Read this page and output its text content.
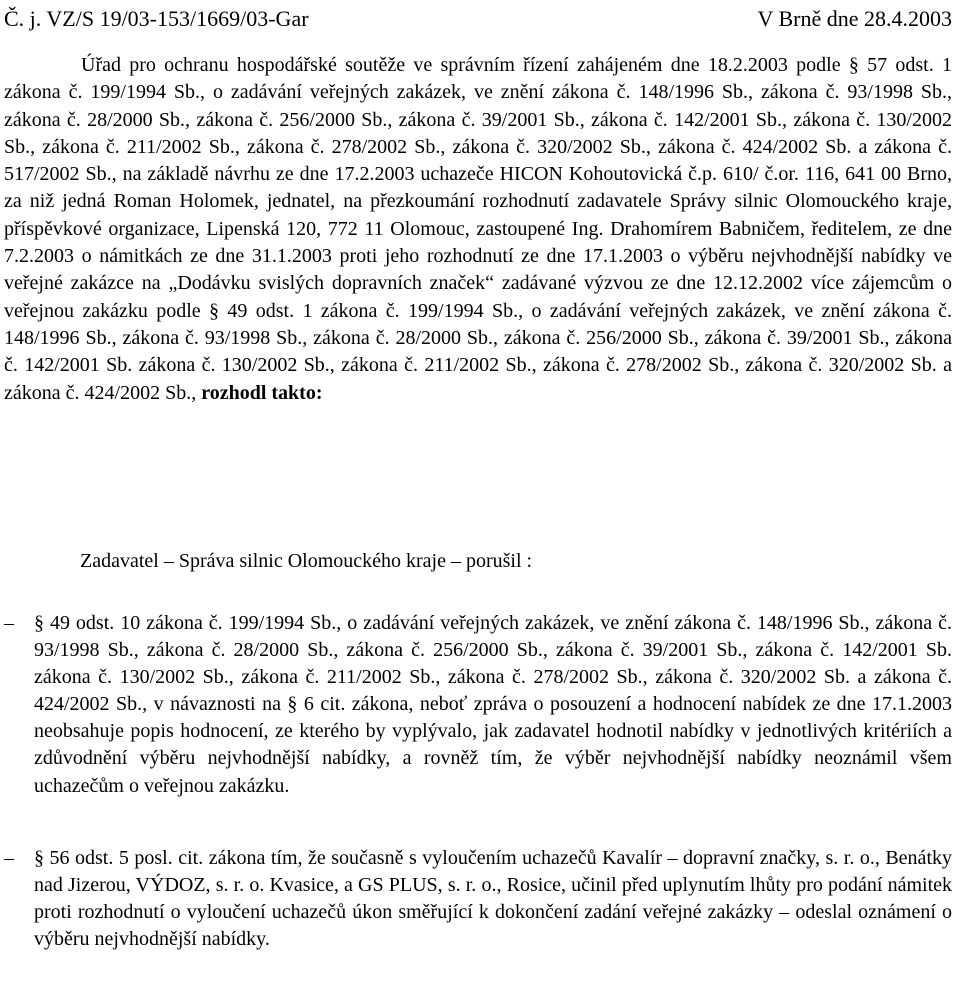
Č. j. VZ/S 19/03-153/1669/03-Gar	V Brně dne 28.4.2003

Úřad pro ochranu hospodářské soutěže ve správním řízení zahájeném dne 18.2.2003 podle § 57 odst. 1 zákona č. 199/1994 Sb., o zadávání veřejných zakázek, ve znění zákona č. 148/1996 Sb., zákona č. 93/1998 Sb., zákona č. 28/2000 Sb., zákona č. 256/2000 Sb., zákona č. 39/2001 Sb., zákona č. 142/2001 Sb., zákona č. 130/2002 Sb., zákona č. 211/2002 Sb., zákona č. 278/2002 Sb., zákona č. 320/2002 Sb., zákona č. 424/2002 Sb. a zákona č. 517/2002 Sb., na základě návrhu ze dne 17.2.2003 uchazeče HICON Kohoutovická č.p. 610/ č.or. 116, 641 00 Brno, za niž jedná Roman Holomek, jednatel, na přezkoumání rozhodnutí zadavatele Správy silnic Olomouckého kraje, příspěvkové organizace, Lipenská 120, 772 11 Olomouc, zastoupené Ing. Drahomírem Babničem, ředitelem, ze dne 7.2.2003 o námitkách ze dne 31.1.2003 proti jeho rozhodnutí ze dne 17.1.2003 o výběru nejvhodnější nabídky ve veřejné zakázce na „Dodávku svislých dopravních značek“ zadávané výzvou ze dne 12.12.2002 více zájemcům o veřejnou zakázku podle § 49 odst. 1 zákona č. 199/1994 Sb., o zadávání veřejných zakázek, ve znění zákona č. 148/1996 Sb., zákona č. 93/1998 Sb., zákona č. 28/2000 Sb., zákona č. 256/2000 Sb., zákona č. 39/2001 Sb., zákona č. 142/2001 Sb. zákona č. 130/2002 Sb., zákona č. 211/2002 Sb., zákona č. 278/2002 Sb., zákona č. 320/2002 Sb. a zákona č. 424/2002 Sb., rozhodl takto:

Zadavatel – Správa silnic Olomouckého kraje – porušil :

–	§ 49 odst. 10 zákona č. 199/1994 Sb., o zadávání veřejných zakázek, ve znění zákona č. 148/1996 Sb., zákona č. 93/1998 Sb., zákona č. 28/2000 Sb., zákona č. 256/2000 Sb., zákona č. 39/2001 Sb., zákona č. 142/2001 Sb. zákona č. 130/2002 Sb., zákona č. 211/2002 Sb., zákona č. 278/2002 Sb., zákona č. 320/2002 Sb. a zákona č. 424/2002 Sb., v návaznosti na § 6 cit. zákona, neboť zpráva o posouzení a hodnocení nabídek ze dne 17.1.2003 neobsahuje popis hodnocení, ze kterého by vyplývalo, jak zadavatel hodnotil nabídky v jednotlivých kritériích a zdůvodnění výběru nejvhodnější nabídky, a rovněž tím, že výběr nejvhodnější nabídky neoznámil všem uchazečům o veřejnou zakázku.
–	§ 56 odst. 5 posl. cit. zákona tím, že současně s vyloučením uchazečů Kavalír – dopravní značky, s. r. o., Benátky nad Jizerou, VÝDOZ, s. r. o. Kvasice, a GS PLUS, s. r. o., Rosice, učinil před uplynutím lhůty pro podání námitek proti rozhodnutí o vyloučení uchazečů úkon směřující k dokončení zadání veřejné zakázky – odeslal oznámení o výběru nejvhodnější nabídky.
